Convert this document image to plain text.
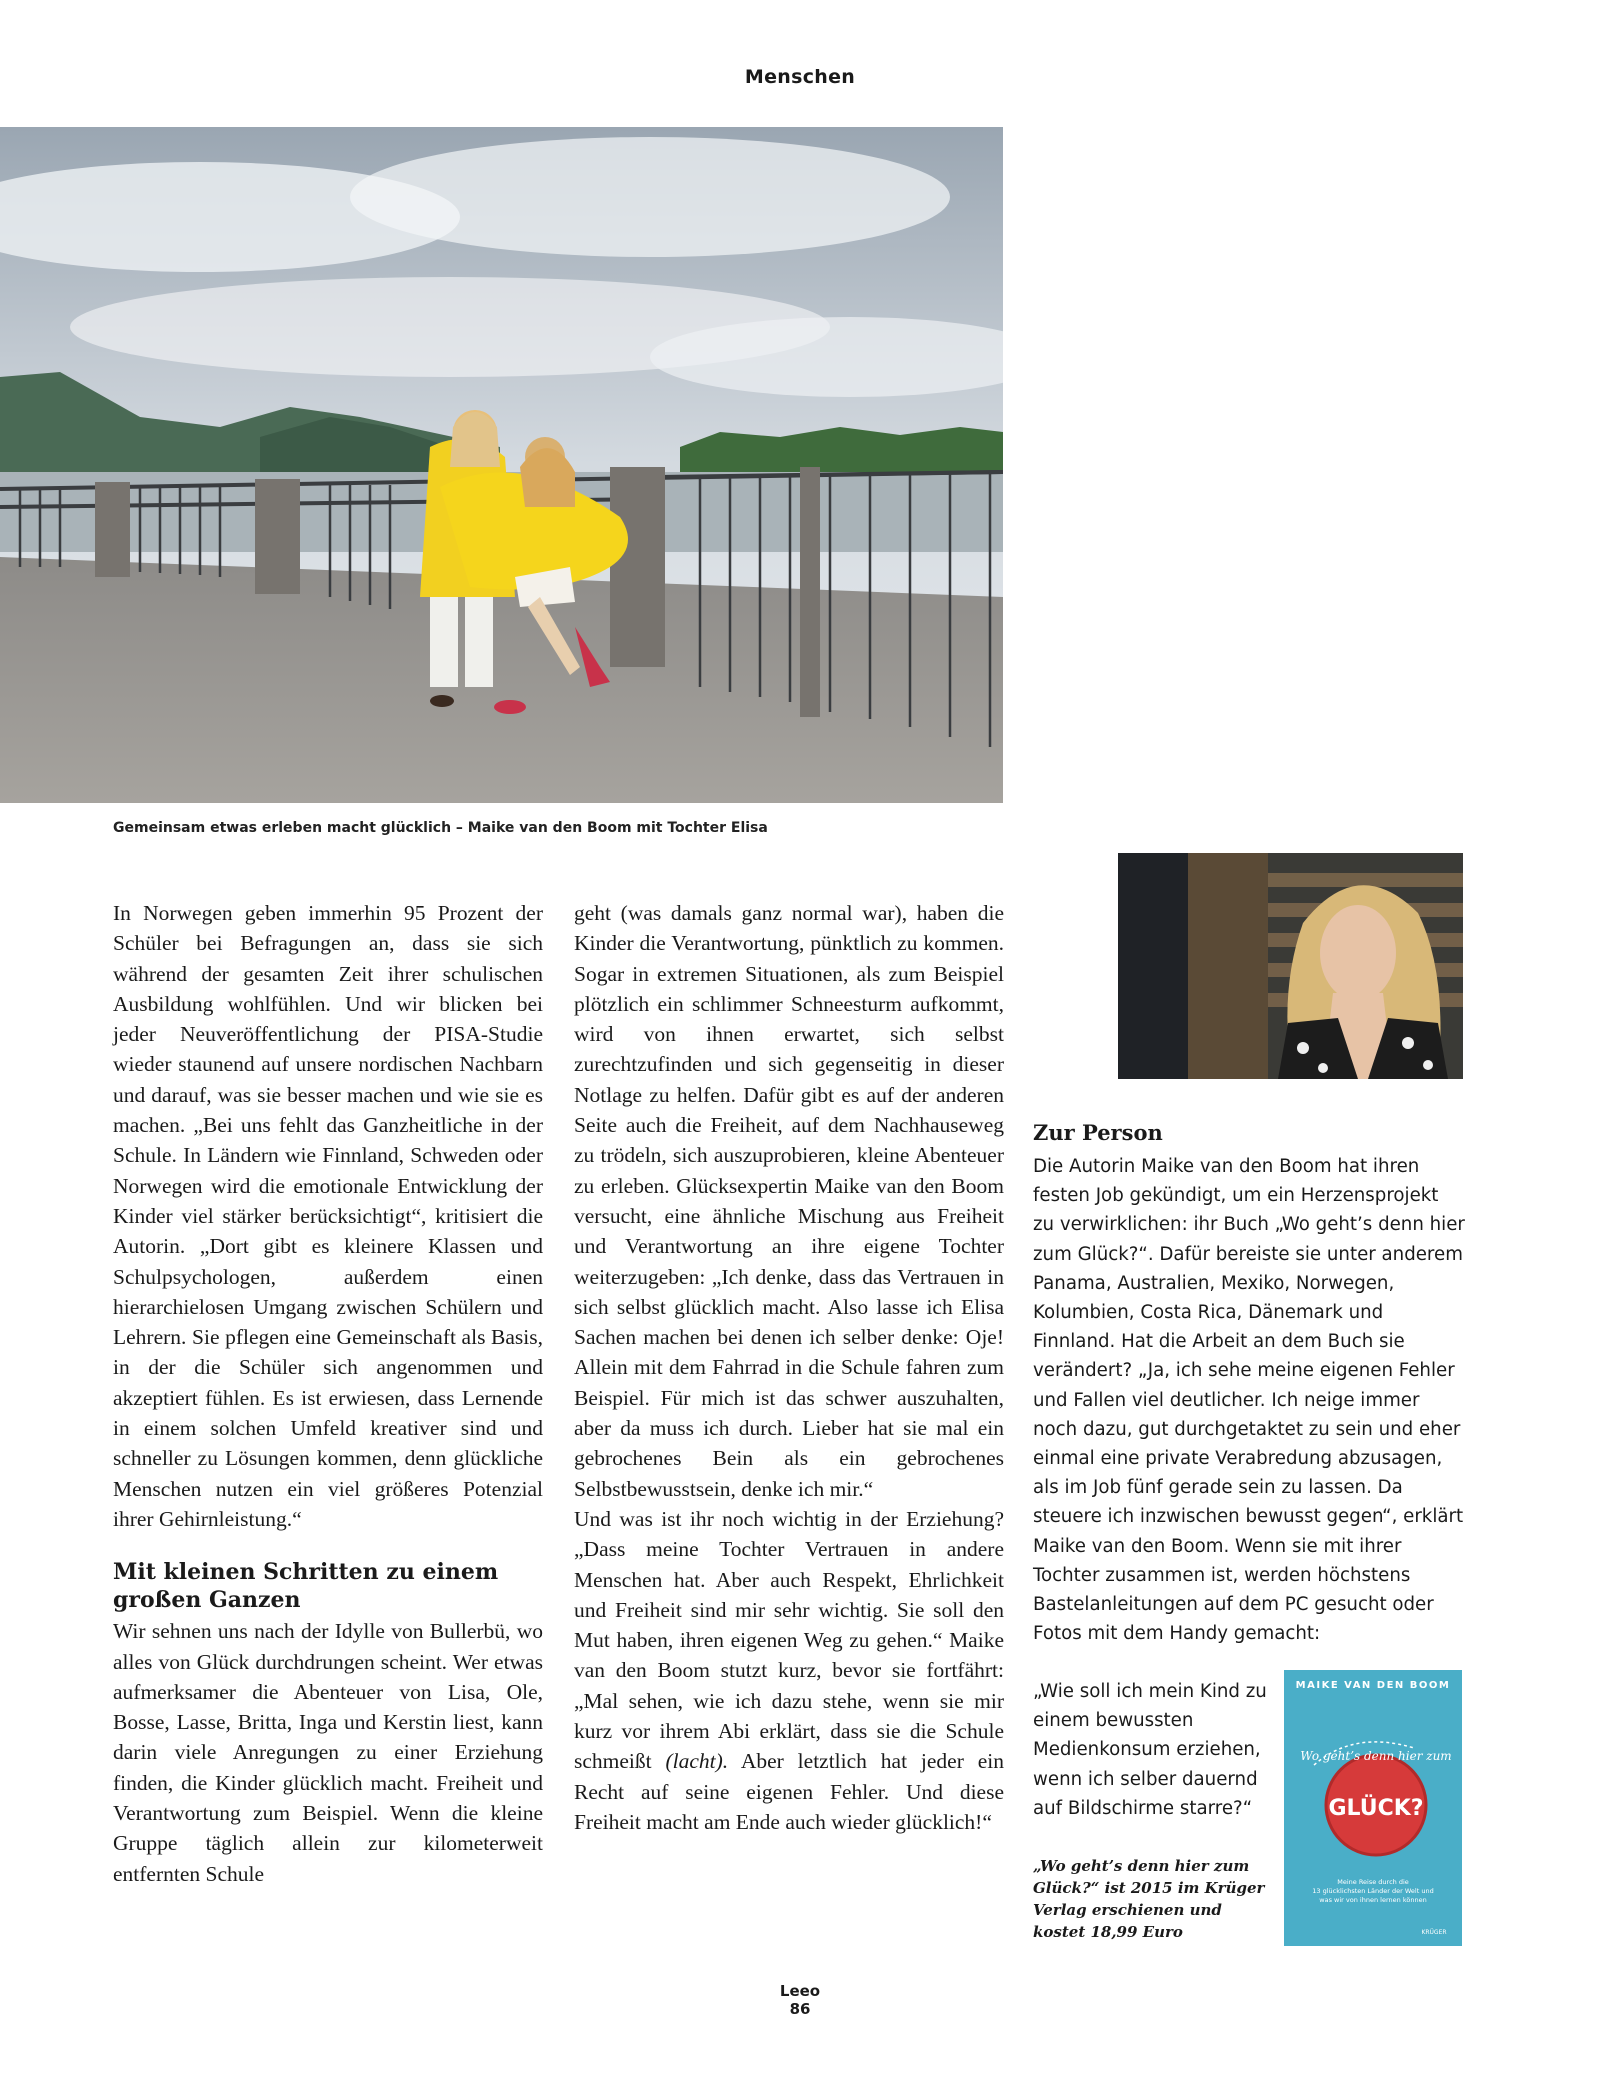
Menschen
Gemeinsam etwas erleben macht glücklich – Maike van den Boom mit Tochter Elisa

In Norwegen geben immerhin 95 Prozent der Schüler bei Befragungen an, dass sie sich während der gesamten Zeit ihrer schulischen Ausbildung wohlfühlen. Und wir blicken bei jeder Neuveröffentlichung der PISA-Studie wieder staunend auf unsere nordischen Nachbarn und darauf, was sie besser machen und wie sie es machen. „Bei uns fehlt das Ganzheitliche in der Schule. In Ländern wie Finnland, Schweden oder Norwegen wird die emotionale Entwicklung der Kinder viel stärker berücksichtigt“, kritisiert die Autorin. „Dort gibt es kleinere Klassen und Schulpsychologen, außerdem einen hierarchielosen Umgang zwischen Schülern und Lehrern. Sie pflegen eine Gemeinschaft als Basis, in der die Schüler sich angenommen und akzeptiert fühlen. Es ist erwiesen, dass Lernende in einem solchen Umfeld kreativer sind und schneller zu Lösungen kommen, denn glückliche Menschen nutzen ein viel größeres Potenzial ihrer Gehirnleistung.“

Mit kleinen Schritten zu einem großen Ganzen

Wir sehnen uns nach der Idylle von Bullerbü, wo alles von Glück durchdrungen scheint. Wer etwas aufmerksamer die Abenteuer von Lisa, Ole, Bosse, Lasse, Britta, Inga und Kerstin liest, kann darin viele Anregungen zu einer Erziehung finden, die Kinder glücklich macht. Freiheit und Verantwortung zum Beispiel. Wenn die kleine Gruppe täglich allein zur kilometerweit entfernten Schule

geht (was damals ganz normal war), haben die Kinder die Verantwortung, pünktlich zu kommen. Sogar in extremen Situationen, als zum Beispiel plötzlich ein schlimmer Schneesturm aufkommt, wird von ihnen erwartet, sich selbst zurechtzufinden und sich gegenseitig in dieser Notlage zu helfen. Dafür gibt es auf der anderen Seite auch die Freiheit, auf dem Nachhauseweg zu trödeln, sich auszuprobieren, kleine Abenteuer zu erleben. Glücksexpertin Maike van den Boom versucht, eine ähnliche Mischung aus Freiheit und Verantwortung an ihre eigene Tochter weiterzugeben: „Ich denke, dass das Vertrauen in sich selbst glücklich macht. Also lasse ich Elisa Sachen machen bei denen ich selber denke: Oje! Allein mit dem Fahrrad in die Schule fahren zum Beispiel. Für mich ist das schwer auszuhalten, aber da muss ich durch. Lieber hat sie mal ein gebrochenes Bein als ein gebrochenes Selbstbewusstsein, denke ich mir.“

Und was ist ihr noch wichtig in der Erziehung? „Dass meine Tochter Vertrauen in andere Menschen hat. Aber auch Respekt, Ehrlichkeit und Freiheit sind mir sehr wichtig. Sie soll den Mut haben, ihren eigenen Weg zu gehen.“ Maike van den Boom stutzt kurz, bevor sie fortfährt: „Mal sehen, wie ich dazu stehe, wenn sie mir kurz vor ihrem Abi erklärt, dass sie die Schule schmeißt (lacht). Aber letztlich hat jeder ein Recht auf seine eigenen Fehler. Und diese Freiheit macht am Ende auch wieder glücklich!“

Zur Person

Die Autorin Maike van den Boom hat ihren festen Job gekündigt, um ein Herzensprojekt zu verwirklichen: ihr Buch „Wo geht’s denn hier zum Glück?“. Dafür bereiste sie unter anderem Panama, Australien, Mexiko, Norwegen, Kolumbien, Costa Rica, Dänemark und Finnland. Hat die Arbeit an dem Buch sie verändert? „Ja, ich sehe meine eigenen Fehler und Fallen viel deutlicher. Ich neige immer noch dazu, gut durchgetaktet zu sein und eher einmal eine private Verabredung abzusagen, als im Job fünf gerade sein zu lassen. Da steuere ich inzwischen bewusst gegen“, erklärt Maike van den Boom. Wenn sie mit ihrer Tochter zusammen ist, werden höchstens Bastelanleitungen auf dem PC gesucht oder Fotos mit dem Handy gemacht:

„Wie soll ich mein Kind zu einem bewussten Medienkonsum erziehen, wenn ich selber dauernd auf Bildschirme starre?“
„Wo geht’s denn hier zum Glück?“ ist 2015 im Krüger Verlag erschienen und kostet 18,99 Euro
Wo geht’s denn hier zum
GLÜCK?
Meine Reise durch die
13 glücklichsten Länder der Welt und
was wir von ihnen lernen können
KRÜGER
MAIKE VAN DEN BOOM
Leeo
86
